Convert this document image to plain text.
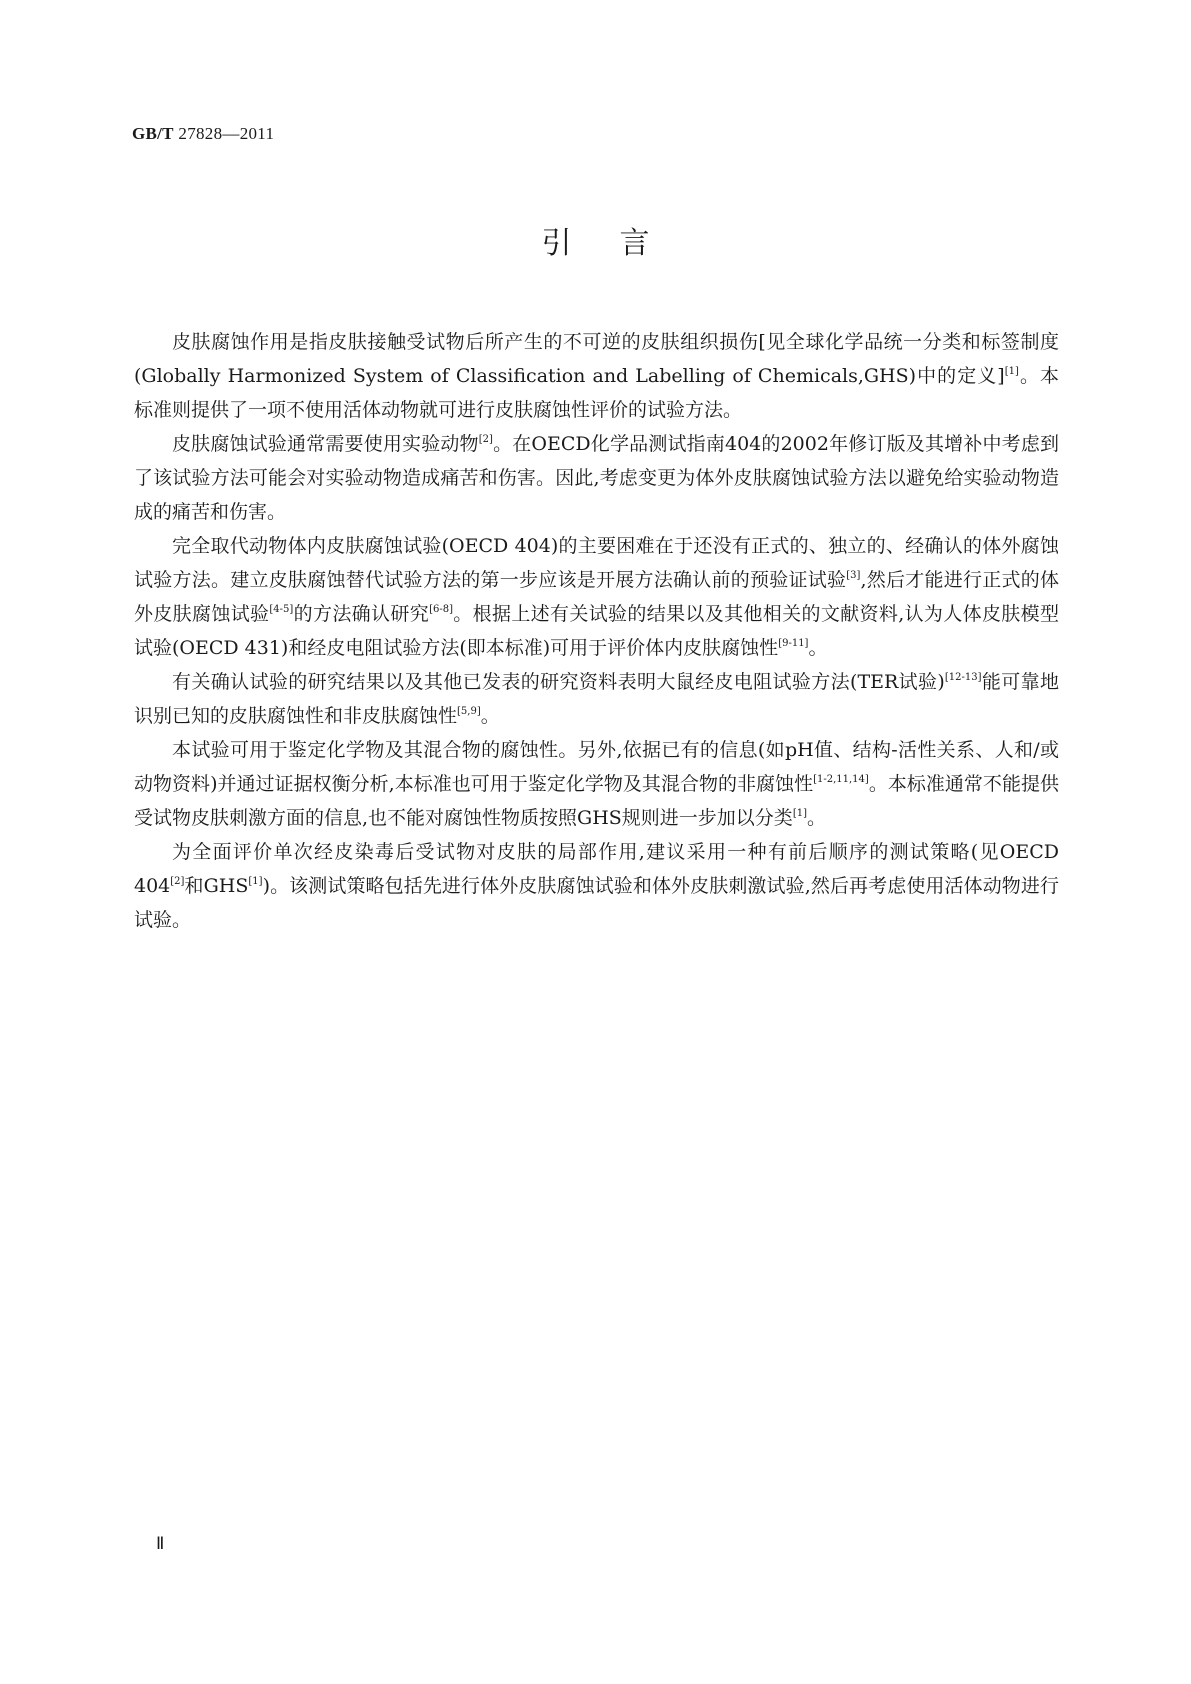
GB/T 27828—2011
引言

皮肤腐蚀作用是指皮肤接触受试物后所产生的不可逆的皮肤组织损伤[见全球化学品统一分类和标签制度(Globally Harmonized System of Classification and Labelling of Chemicals,GHS)中的定义][1]。本标准则提供了一项不使用活体动物就可进行皮肤腐蚀性评价的试验方法。

皮肤腐蚀试验通常需要使用实验动物[2]。在OECD化学品测试指南404的2002年修订版及其增补中考虑到了该试验方法可能会对实验动物造成痛苦和伤害。因此,考虑变更为体外皮肤腐蚀试验方法以避免给实验动物造成的痛苦和伤害。

完全取代动物体内皮肤腐蚀试验(OECD 404)的主要困难在于还没有正式的、独立的、经确认的体外腐蚀试验方法。建立皮肤腐蚀替代试验方法的第一步应该是开展方法确认前的预验证试验[3],然后才能进行正式的体外皮肤腐蚀试验[4-5]的方法确认研究[6-8]。根据上述有关试验的结果以及其他相关的文献资料,认为人体皮肤模型试验(OECD 431)和经皮电阻试验方法(即本标准)可用于评价体内皮肤腐蚀性[9-11]。

有关确认试验的研究结果以及其他已发表的研究资料表明大鼠经皮电阻试验方法(TER试验)[12-13]能可靠地识别已知的皮肤腐蚀性和非皮肤腐蚀性[5,9]。

本试验可用于鉴定化学物及其混合物的腐蚀性。另外,依据已有的信息(如pH值、结构-活性关系、人和/或动物资料)并通过证据权衡分析,本标准也可用于鉴定化学物及其混合物的非腐蚀性[1-2,11,14]。本标准通常不能提供受试物皮肤刺激方面的信息,也不能对腐蚀性物质按照GHS规则进一步加以分类[1]。

为全面评价单次经皮染毒后受试物对皮肤的局部作用,建议采用一种有前后顺序的测试策略(见OECD 404[2]和GHS[1])。该测试策略包括先进行体外皮肤腐蚀试验和体外皮肤刺激试验,然后再考虑使用活体动物进行试验。

Ⅱ
